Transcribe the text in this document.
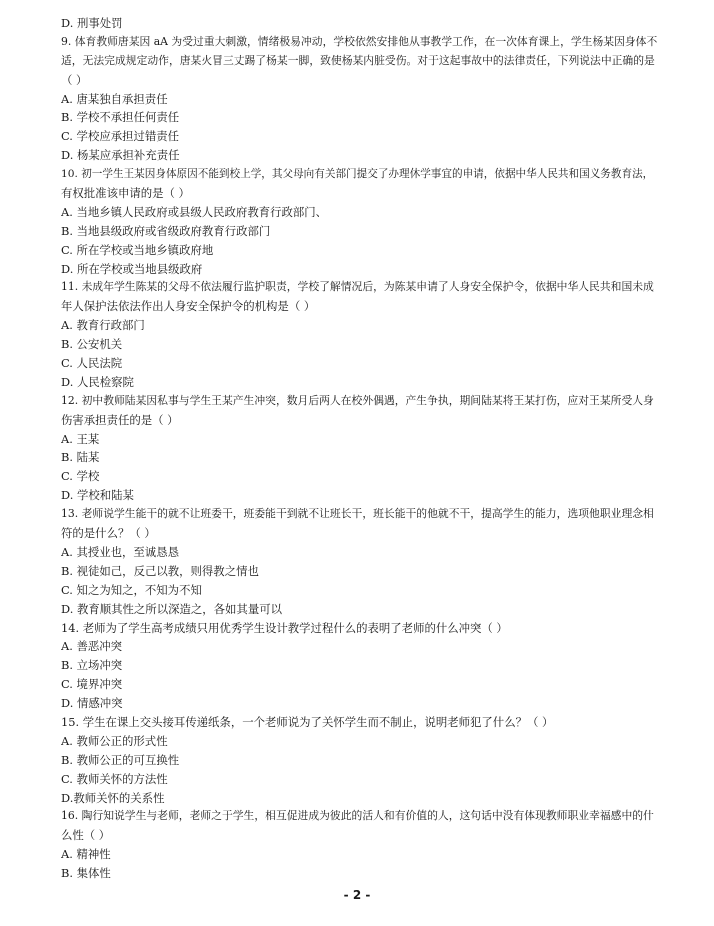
D. 刑事处罚
9. 体育教师唐某因 aA 为受过重大刺激，情绪极易冲动，学校依然安排他从事教学工作，在一次体育课上，学生杨某因身体不
适，无法完成规定动作，唐某火冒三丈踢了杨某一脚，致使杨某内脏受伤。对于这起事故中的法律责任，下列说法中正确的是
（ ）
A. 唐某独自承担责任
B. 学校不承担任何责任
C. 学校应承担过错责任
D. 杨某应承担补充责任
10. 初一学生王某因身体原因不能到校上学，其父母向有关部门提交了办理休学事宜的申请，依据中华人民共和国义务教育法，
有权批准该申请的是（ ）
A. 当地乡镇人民政府或县级人民政府教育行政部门、
B. 当地县级政府或省级政府教育行政部门
C. 所在学校或当地乡镇政府地
D. 所在学校或当地县级政府
11. 未成年学生陈某的父母不依法履行监护职责，学校了解情况后，为陈某申请了人身安全保护令，依据中华人民共和国未成
年人保护法依法作出人身安全保护令的机构是（ ）
A. 教育行政部门
B. 公安机关
C. 人民法院
D. 人民检察院
12. 初中教师陆某因私事与学生王某产生冲突，数月后两人在校外偶遇，产生争执，期间陆某将王某打伤，应对王某所受人身
伤害承担责任的是（ ）
A. 王某
B. 陆某
C. 学校
D. 学校和陆某
13. 老师说学生能干的就不让班委干，班委能干到就不让班长干，班长能干的他就不干，提高学生的能力，选项他职业理念相
符的是什么？（ ）
A. 其授业也，至诚恳恳
B. 视徒如己，反己以教，则得教之情也
C. 知之为知之，不知为不知
D. 教育顺其性之所以深造之，各如其量可以
14. 老师为了学生高考成绩只用优秀学生设计教学过程什么的表明了老师的什么冲突（ ）
A. 善恶冲突
B. 立场冲突
C. 境界冲突
D. 情感冲突
15. 学生在课上交头接耳传递纸条，一个老师说为了关怀学生而不制止，说明老师犯了什么？（ ）
A. 教师公正的形式性
B. 教师公正的可互换性
C. 教师关怀的方法性
D.教师关怀的关系性
16. 陶行知说学生与老师，老师之于学生，相互促进成为彼此的活人和有价值的人，这句话中没有体现教师职业幸福感中的什
么性（ ）
A. 精神性
B. 集体性
- 2 -
